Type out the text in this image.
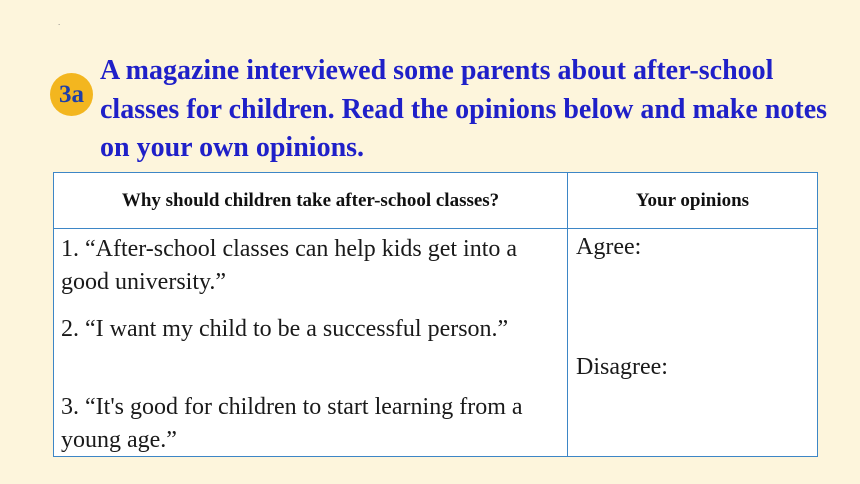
.
3a

A magazine interviewed some parents about after-school classes for children. Read the opinions below and make notes on your own opinions.

Why should children take after-school classes?	Your opinions
1. “After-school classes can help kids get into a good university.”
2. “I want my child to be a successful person.”
3. “It's good for children to start learning from a young age.”
Agree:
Disagree:
